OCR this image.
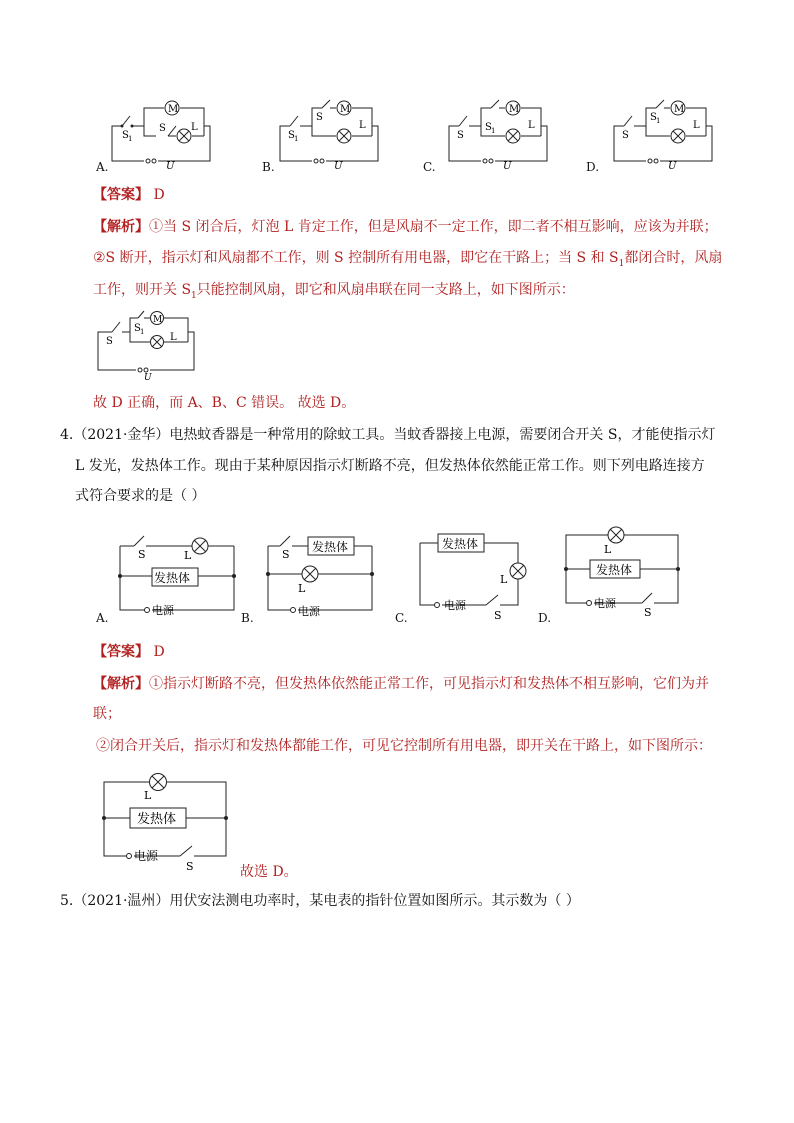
M
S 1
S	L
U
A.
M
S 1
S
L
U
B.
M
S
S 1	L
U
C.
M
S
S 1	L
U
D.
【答案】 D
【解析】①当 S 闭合后，灯泡 L 肯定工作，但是风扇不一定工作，即二者不相互影响，应该为并联；
②S 断开，指示灯和风扇都不工作，则 S 控制所有用电器，即它在干路上；当 S 和 $S_1$都闭合时，风扇
工作，则开关 $S_1$只能控制风扇，即它和风扇串联在同一支路上，如下图所示：
M
S
S 1	L
U
故 D 正确，而 A、B、C 错误。 故选 D。
4.（2021·金华）电热蚊香器是一种常用的除蚊工具。当蚊香器接上电源，需要闭合开关 S，才能使指示灯
L 发光，发热体工作。现由于某种原因指示灯断路不亮，但发热体依然能正常工作。则下列电路连接方
式符合要求的是（ ）
S	L
发热体
电源
A.
S
发热体
L
电源
B.
发热体
L
电源
S
C.
L
发热体
电源
S
D.
【答案】 D
【解析】①指示灯断路不亮，但发热体依然能正常工作，可见指示灯和发热体不相互影响，它们为并
联；
②闭合开关后，指示灯和发热体都能工作，可见它控制所有用电器，即开关在干路上，如下图所示：
L
发热体
电源
S	故选 D。
5.（2021·温州）用伏安法测电功率时，某电表的指针位置如图所示。其示数为（ ）
